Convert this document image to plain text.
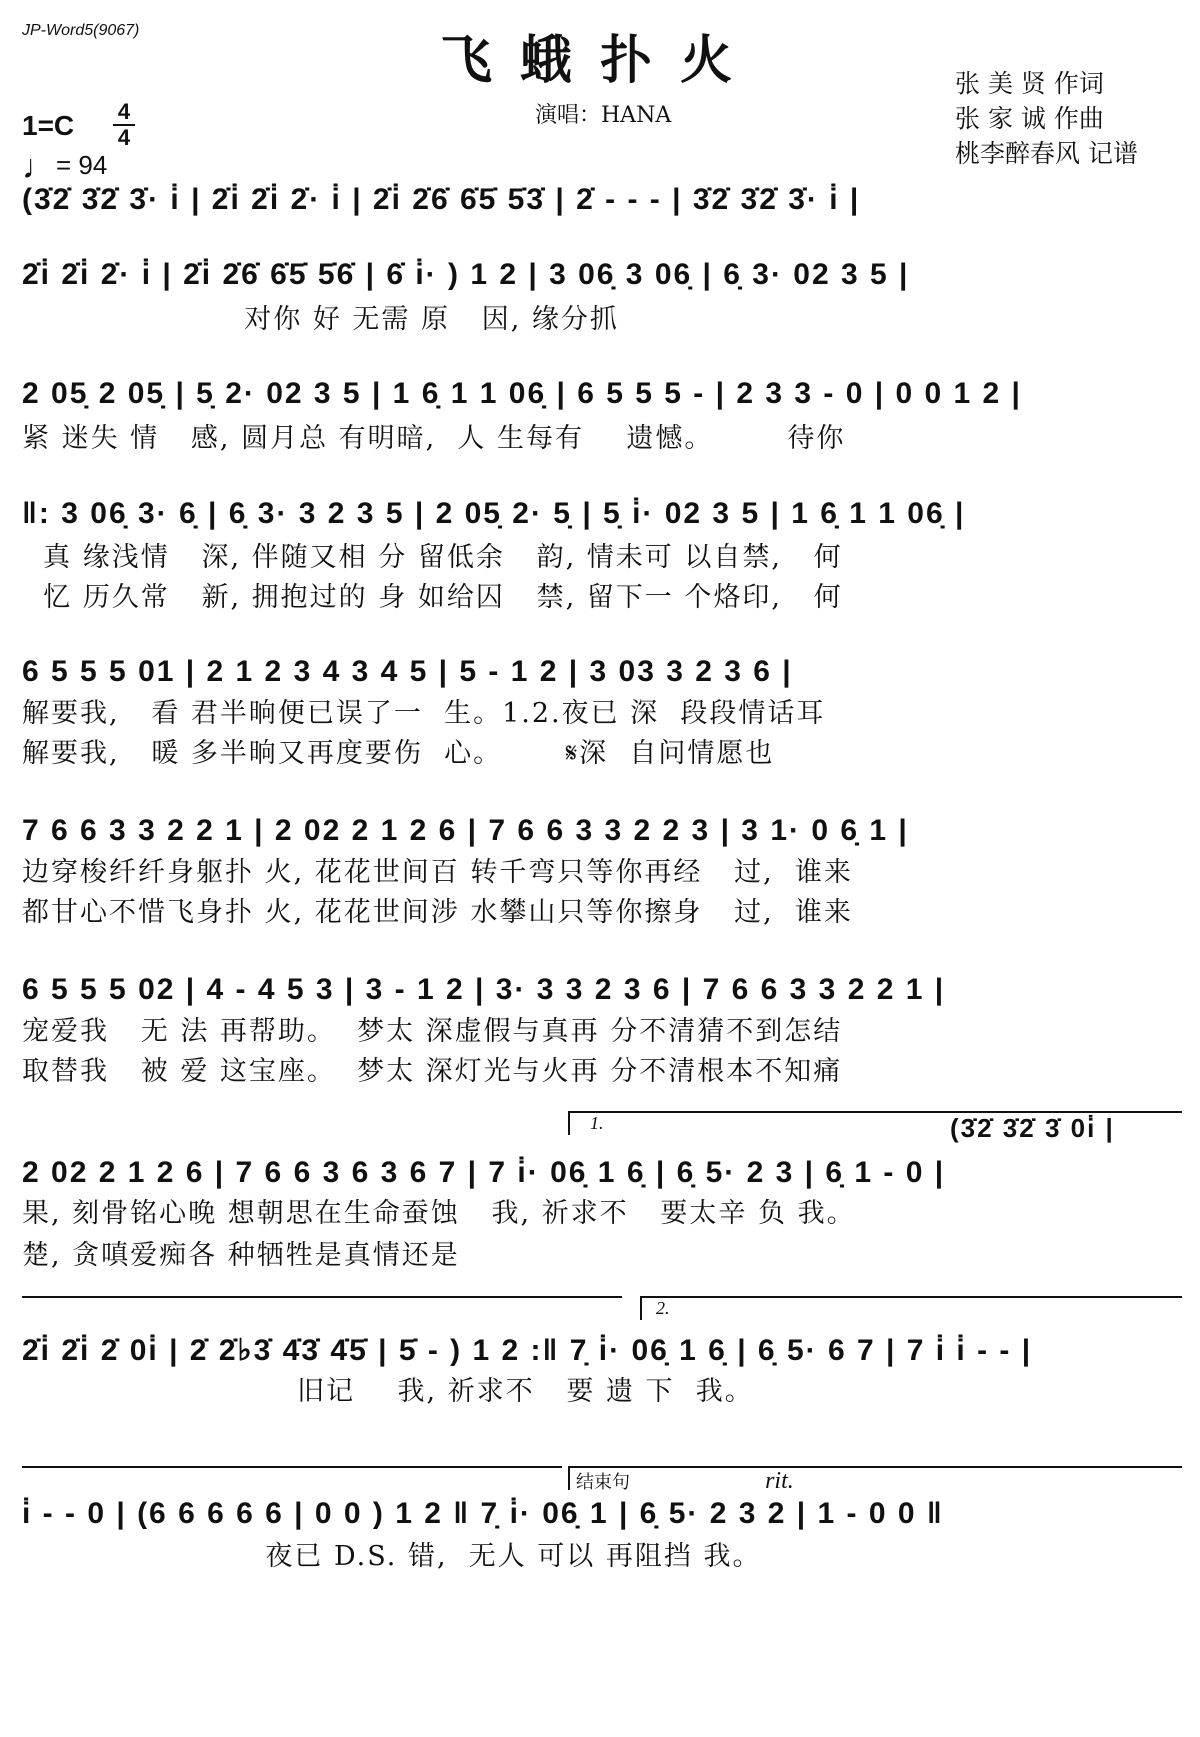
JP-Word5(9067)	飞蛾扑火
演唱：HANA
张 美 贤 作词
张 家 诚 作曲
桃李醉春风 记谱
1=C 4
4
♩= 94
(3̇2̇ 3̇2̇ 3̇· i̇ | 2̇i̇ 2̇i̇ 2̇· i̇ | 2̇i̇ 2̇6̇ 6̇5̇ 5̇3̇ | 2̇ - - - | 3̇2̇ 3̇2̇ 3̇· i̇ |
2̇i̇ 2̇i̇ 2̇· i̇ | 2̇i̇ 2̇6̇ 6̇5̇ 5̇6̇ | 6̇ i̇· ) 1 2 | 3 06̣ 3 06̣ | 6̣ 3· 02 3 5 |
对你 好 无需 原   因, 缘分抓
2 05̣ 2 05̣ | 5̣ 2· 02 3 5 | 1 6̣ 1 1 06̣ | 6 5 5 5 - | 2 3 3 - 0 | 0 0 1 2 |
紧 迷失 情   感, 圆月总 有明暗,  人 生每有    遗憾。       待你
‖: 3 06̣ 3· 6̣ | 6̣ 3· 3 2 3 5 | 2 05̣ 2· 5̣ | 5̣ i̇· 02 3 5 | 1 6̣ 1 1 06̣ |
真 缘浅情   深, 伴随又相 分 留低余   韵, 情未可 以自禁,   何
忆 历久常   新, 拥抱过的 身 如给囚   禁, 留下一 个烙印,   何
6 5 5 5 01 | 2 1 2 3 4 3 4 5 | 5 - 1 2 | 3 03 3 2 3 6 |
解要我,   看 君半晌便已误了一  生。1.2.夜已 深  段段情话耳
解要我,   暖 多半晌又再度要伤  心。      𝄋深  自问情愿也
7 6 6 3 3 2 2 1 | 2 02 2 1 2 6 | 7 6 6 3 3 2 2 3 | 3 1· 0 6̣ 1 |
边穿梭纤纤身躯扑 火, 花花世间百 转千弯只等你再经   过,  谁来
都甘心不惜飞身扑 火, 花花世间涉 水攀山只等你擦身   过,  谁来
6 5 5 5 02 | 4 - 4 5 3 | 3 - 1 2 | 3· 3 3 2 3 6 | 7 6 6 3 3 2 2 1 |
宠爱我   无 法 再帮助。  梦太 深虚假与真再 分不清猜不到怎结
取替我   被 爱 这宝座。  梦太 深灯光与火再 分不清根本不知痛
1.	(3̇2̇ 3̇2̇ 3̇ 0i̇ |
2 02 2 1 2 6 | 7 6 6 3 6 3 6 7 | 7 i̇· 06̣ 1 6̣ | 6̣ 5· 2 3 | 6̣ 1 - 0 |
果, 刻骨铭心晚 想朝思在生命蚕蚀   我, 祈求不   要太辛 负 我。
楚, 贪嗔爱痴各 种牺牲是真情还是
2.
2̇i̇ 2̇i̇ 2̇ 0i̇ | 2̇ 2̇♭3̇ 4̇3̇ 4̇5̇ | 5̇ - ) 1 2 :‖ 7̣ i̇· 06̣ 1 6̣ | 6̣ 5· 6 7 | 7 i̇ i̇ - - |
旧记    我, 祈求不   要 遗 下  我。
结束句	rit.
i̇ - - 0 | (6 6 6 6 6 | 0 0 ) 1 2 ‖ 7̣ i̇· 06̣ 1 | 6̣ 5· 2 3 2 | 1 - 0 0 ‖
夜已 D.S. 错,  无人 可以 再阻挡 我。
